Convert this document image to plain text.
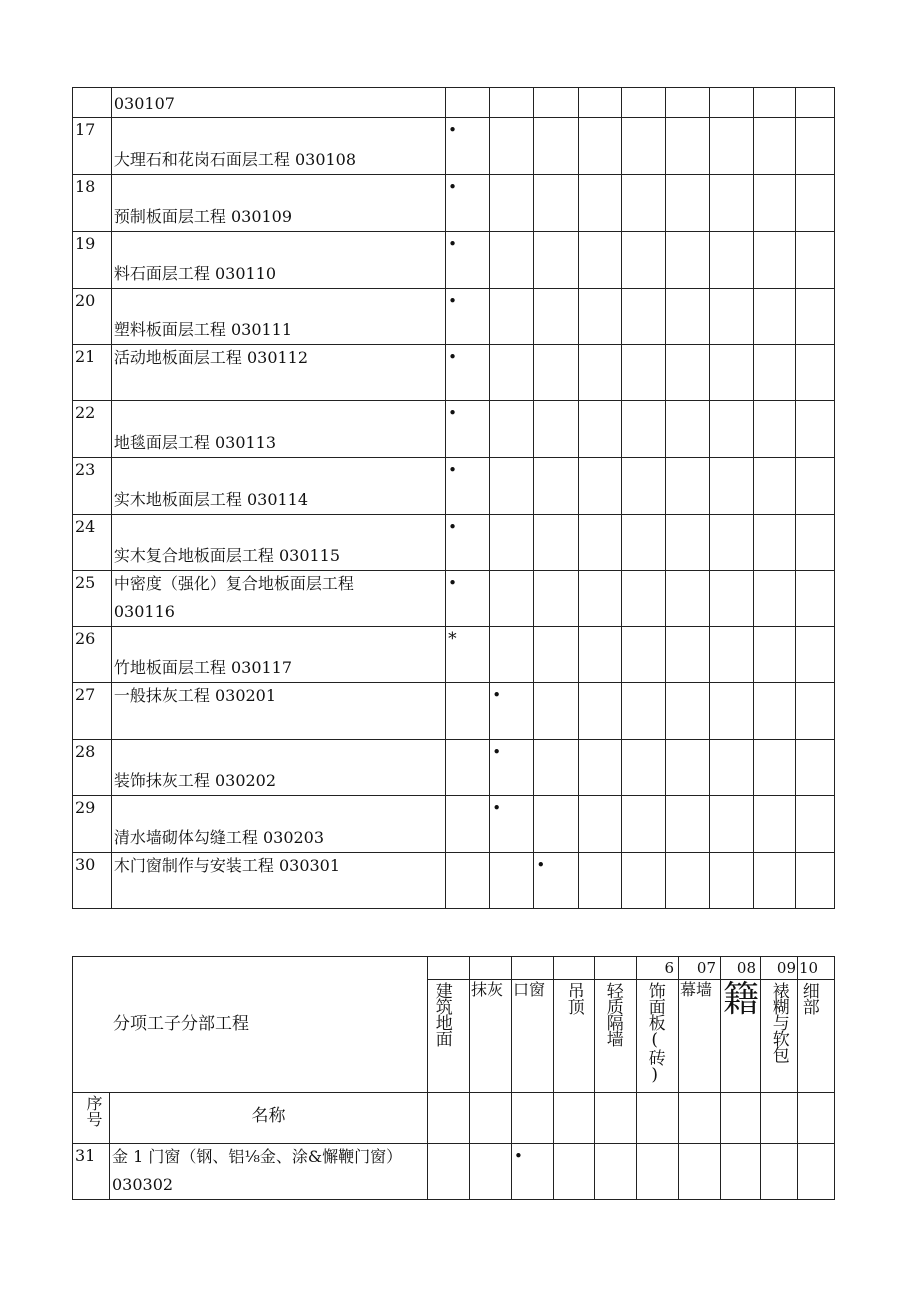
	030107									

17	大理石和花岗石面层工程 030108	•								

18	预制板面层工程 030109	•								

19	料石面层工程 030110	•								

20	塑料板面层工程 030111	•								

21	活动地板面层工程 030112	•								

22	地毯面层工程 030113	•								

23	实木地板面层工程 030114	•								

24	实木复合地板面层工程 030115	•								

25	中密度（强化）复合地板面层工程
030116	•								

26	竹地板面层工程 030117	*								

27	一般抹灰工程 030201		•							

28	装饰抹灰工程 030202		•							

29	清水墙砌体勾缝工程 030203		•							

30	木门窗制作与安装工程 030301			•						

分项工子分部工程							6	07	08	09	10

		建筑地面	抹灰	口窗	吊顶	轻质隔墙	饰面板(砖)	幕墙	籍	裱糊与软包	细部

序号	名称										
31	金 1 门窗（钢、铝⅛金、涂&懈鞭门窗）
030302			•							
